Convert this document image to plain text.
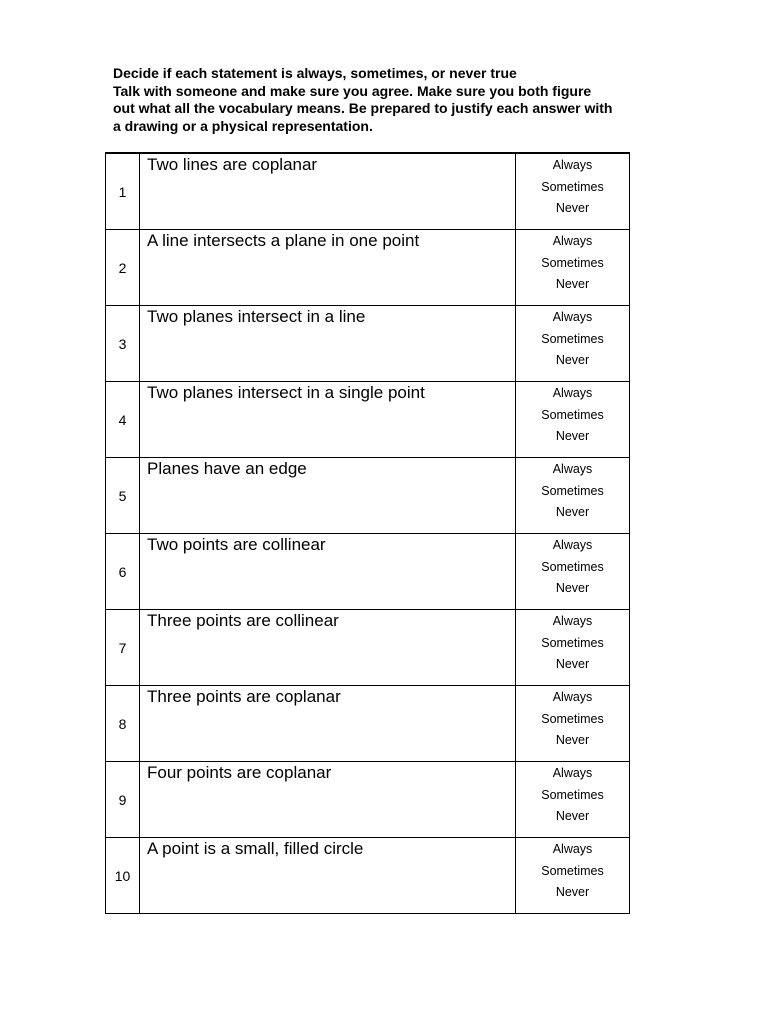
Decide if each statement is always, sometimes, or never true
Talk with someone and make sure you agree. Make sure you both figure
out what all the vocabulary means. Be prepared to justify each answer with
a drawing or a physical representation.
1	Two lines are coplanar	Always
Sometimes
Never

2	A line intersects a plane in one point	Always
Sometimes
Never

3	Two planes intersect in a line	Always
Sometimes
Never

4	Two planes intersect in a single point	Always
Sometimes
Never

5	Planes have an edge	Always
Sometimes
Never

6	Two points are collinear	Always
Sometimes
Never

7	Three points are collinear	Always
Sometimes
Never

8	Three points are coplanar	Always
Sometimes
Never

9	Four points are coplanar	Always
Sometimes
Never

10	A point is a small, filled circle	Always
Sometimes
Never
